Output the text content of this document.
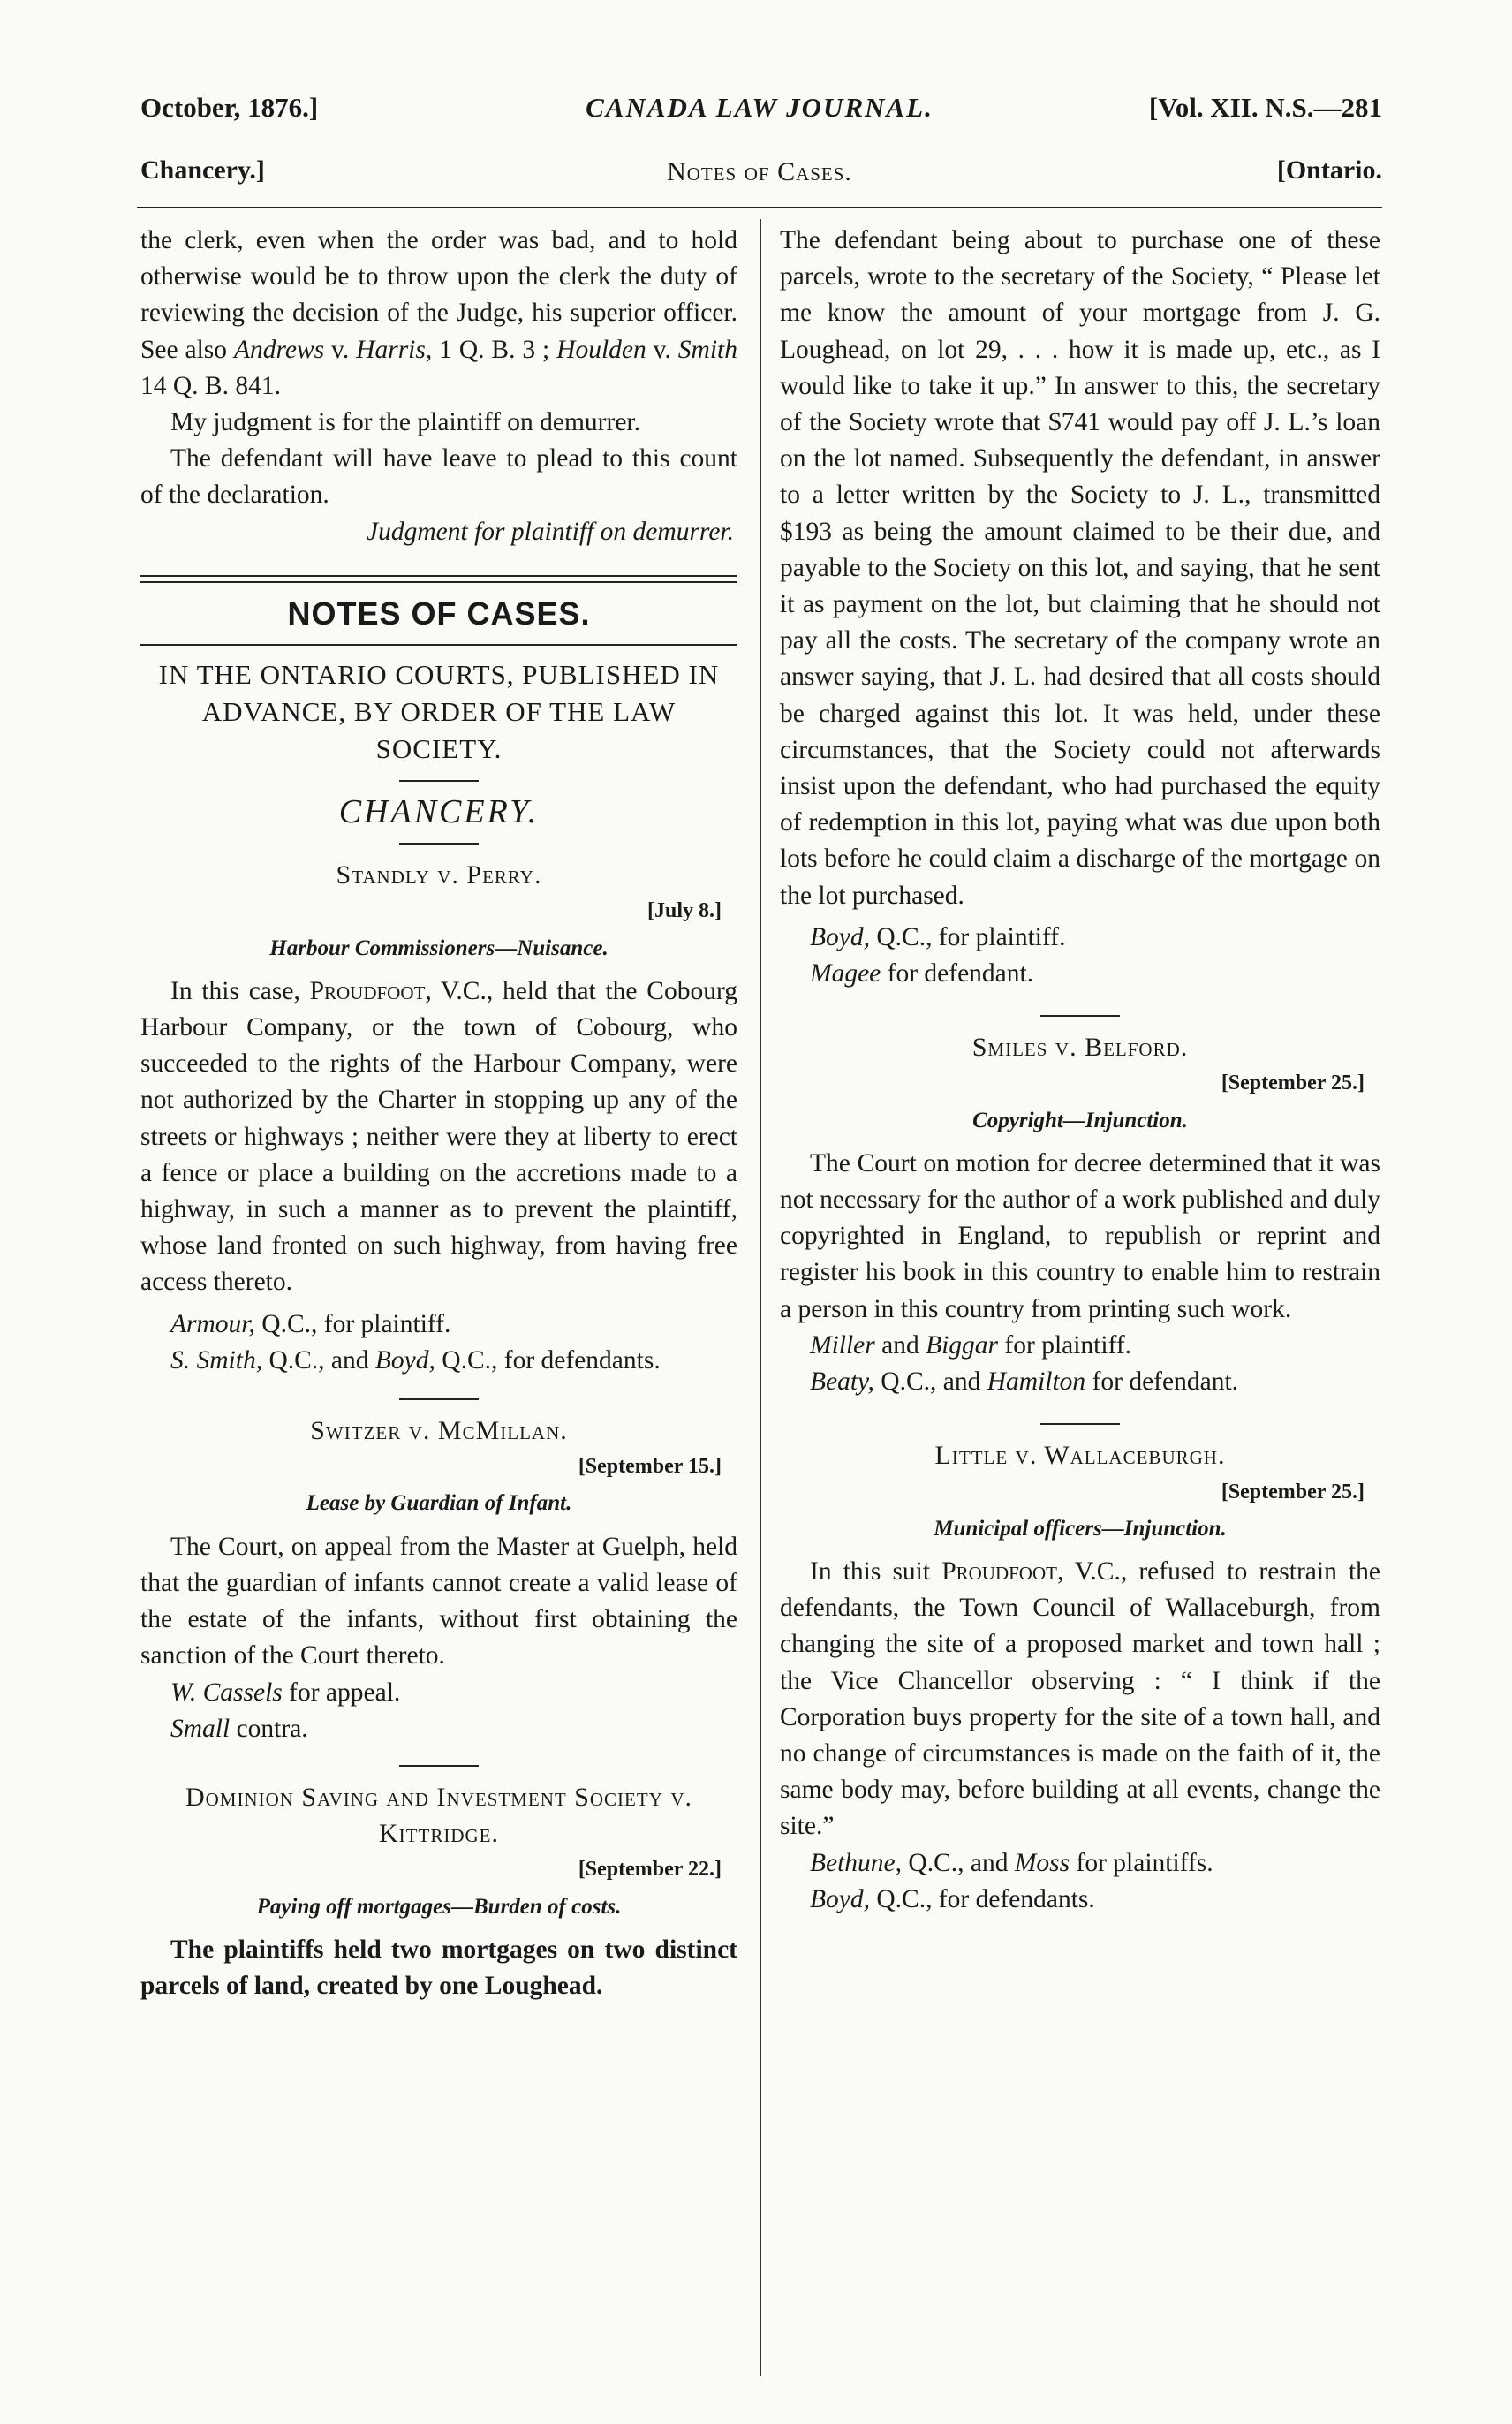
October, 1876.]	CANADA LAW JOURNAL.	[Vol. XII. N.S.—281
Chancery.]	Notes of Cases.	[Ontario.

the clerk, even when the order was bad, and to hold otherwise would be to throw upon the clerk the duty of reviewing the decision of the Judge, his superior officer. See also Andrews v. Harris, 1 Q. B. 3 ; Houlden v. Smith 14 Q. B. 841.

My judgment is for the plaintiff on demurrer.

The defendant will have leave to plead to this count of the declaration.

Judgment for plaintiff on demurrer.

NOTES OF CASES.
IN THE ONTARIO COURTS, PUBLISHED IN ADVANCE, BY ORDER OF THE LAW SOCIETY.
CHANCERY.
Standly v. Perry.
[July 8.]
Harbour Commissioners—Nuisance.

In this case, Proudfoot, V.C., held that the Cobourg Harbour Company, or the town of Cobourg, who succeeded to the rights of the Harbour Company, were not authorized by the Charter in stopping up any of the streets or highways ; neither were they at liberty to erect a fence or place a building on the accretions made to a highway, in such a manner as to prevent the plaintiff, whose land fronted on such highway, from having free access thereto.

Armour, Q.C., for plaintiff.

S. Smith, Q.C., and Boyd, Q.C., for defendants.

Switzer v. McMillan.
[September 15.]
Lease by Guardian of Infant.

The Court, on appeal from the Master at Guelph, held that the guardian of infants cannot create a valid lease of the estate of the infants, without first obtaining the sanction of the Court thereto.

W. Cassels for appeal.

Small contra.

Dominion Saving and Investment Society v. Kittridge.
[September 22.]
Paying off mortgages—Burden of costs.

The plaintiffs held two mortgages on two distinct parcels of land, created by one Loughead.

The defendant being about to purchase one of these parcels, wrote to the secretary of the Society, “ Please let me know the amount of your mortgage from J. G. Loughead, on lot 29, . . . how it is made up, etc., as I would like to take it up.” In answer to this, the secretary of the Society wrote that $741 would pay off J. L.’s loan on the lot named. Subsequently the defendant, in answer to a letter written by the Society to J. L., transmitted $193 as being the amount claimed to be their due, and payable to the Society on this lot, and saying, that he sent it as payment on the lot, but claiming that he should not pay all the costs. The secretary of the company wrote an answer saying, that J. L. had desired that all costs should be charged against this lot. It was held, under these circumstances, that the Society could not afterwards insist upon the defendant, who had purchased the equity of redemption in this lot, paying what was due upon both lots before he could claim a discharge of the mortgage on the lot purchased.

Boyd, Q.C., for plaintiff.

Magee for defendant.

Smiles v. Belford.
[September 25.]
Copyright—Injunction.

The Court on motion for decree determined that it was not necessary for the author of a work published and duly copyrighted in England, to republish or reprint and register his book in this country to enable him to restrain a person in this country from printing such work.

Miller and Biggar for plaintiff.

Beaty, Q.C., and Hamilton for defendant.

Little v. Wallaceburgh.
[September 25.]
Municipal officers—Injunction.

In this suit Proudfoot, V.C., refused to restrain the defendants, the Town Council of Wallaceburgh, from changing the site of a proposed market and town hall ; the Vice Chancellor observing : “ I think if the Corporation buys property for the site of a town hall, and no change of circumstances is made on the faith of it, the same body may, before building at all events, change the site.”

Bethune, Q.C., and Moss for plaintiffs.

Boyd, Q.C., for defendants.
